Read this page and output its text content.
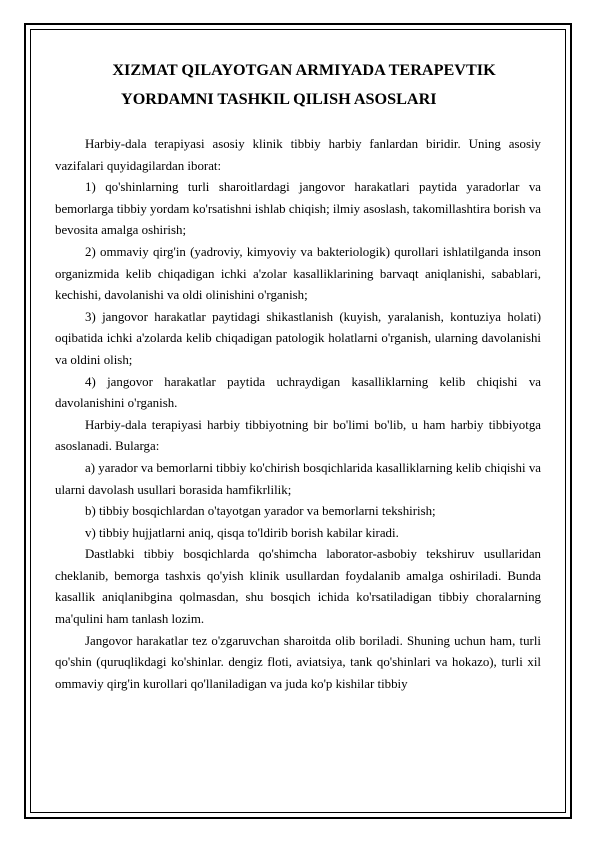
XIZMAT QILAYOTGAN ARMIYADA TERAPEVTIK
YORDAMNI TASHKIL QILISH ASOSLARI

Harbiy-dala terapiyasi asosiy klinik tibbiy harbiy fanlardan biridir. Uning asosiy vazifalari quyidagilardan iborat:

1) qo'shinlarning turli sharoitlardagi jangovor harakatlari paytida yaradorlar va bemorlarga tibbiy yordam ko'rsatishni ishlab chiqish; ilmiy asoslash, takomillashtira borish va bevosita amalga oshirish;

2) ommaviy qirg'in (yadroviy, kimyoviy va bakteriologik) qurollari ishlatilganda inson organizmida kelib chiqadigan ichki a'zolar kasalliklarining barvaqt aniqlanishi, sabablari, kechishi, davolanishi va oldi olinishini o'rganish;

3) jangovor harakatlar paytidagi shikastlanish (kuyish, yaralanish, kontuziya holati) oqibatida ichki a'zolarda kelib chiqadigan patologik holatlarni o'rganish, ularning davolanishi va oldini olish;

4) jangovor harakatlar paytida uchraydigan kasalliklarning kelib chiqishi va davolanishini o'rganish.

Harbiy-dala terapiyasi harbiy tibbiyotning bir bo'limi bo'lib, u ham harbiy tibbiyotga asoslanadi. Bularga:

a) yarador va bemorlarni tibbiy ko'chirish bosqichlarida kasalliklarning kelib chiqishi va ularni davolash usullari borasida hamfikrlilik;

b) tibbiy bosqichlardan o'tayotgan yarador va bemorlarni tekshirish;

v) tibbiy hujjatlarni aniq, qisqa to'ldirib borish kabilar kiradi.

Dastlabki tibbiy bosqichlarda qo'shimcha laborator-asbobiy tekshiruv usullaridan cheklanib, bemorga tashxis qo'yish klinik usullardan foydalanib amalga oshiriladi. Bunda kasallik aniqlanibgina qolmasdan, shu bosqich ichida ko'rsatiladigan tibbiy choralarning ma'qulini ham tanlash lozim.

Jangovor harakatlar tez o'zgaruvchan sharoitda olib boriladi. Shuning uchun ham, turli qo'shin (quruqlikdagi ko'shinlar. dengiz floti, aviatsiya, tank qo'shinlari va hokazo), turli xil ommaviy qirg'in kurollari qo'llaniladigan va juda ko'p kishilar tibbiy
